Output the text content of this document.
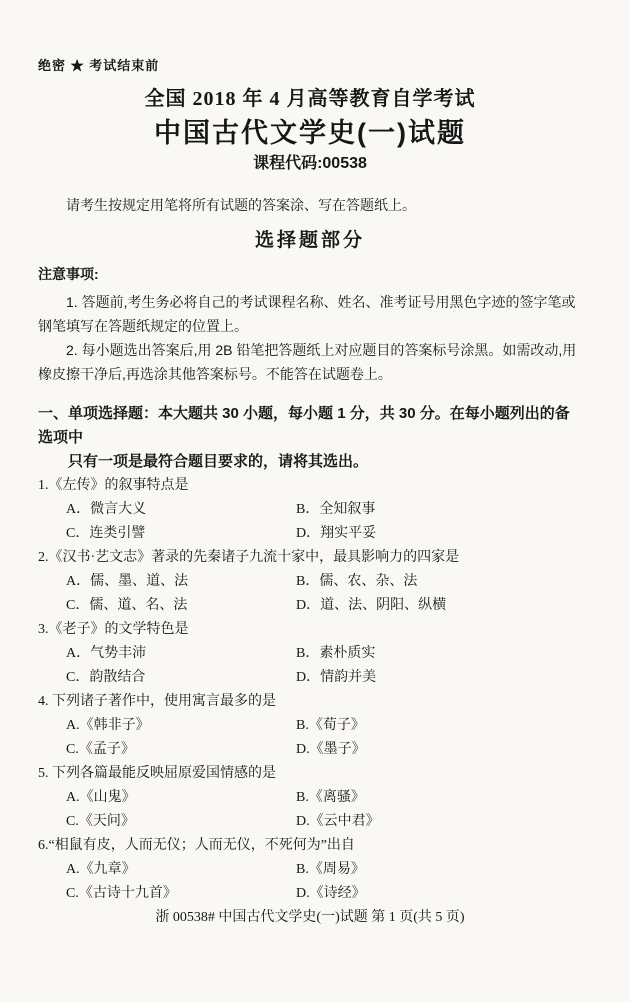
绝密 ★ 考试结束前
全国 2018 年 4 月高等教育自学考试
中国古代文学史(一)试题
课程代码:00538
请考生按规定用笔将所有试题的答案涂、写在答题纸上。
选择题部分
注意事项:
1. 答题前,考生务必将自己的考试课程名称、姓名、准考证号用黑色字迹的签字笔或钢笔填写在答题纸规定的位置上。
2. 每小题选出答案后,用 2B 铅笔把答题纸上对应题目的答案标号涂黑。如需改动,用橡皮擦干净后,再选涂其他答案标号。不能答在试题卷上。
一、单项选择题：本大题共 30 小题，每小题 1 分，共 30 分。在每小题列出的备选项中
只有一项是最符合题目要求的，请将其选出。
1.《左传》的叙事特点是
A．微言大义	B．全知叙事
C．连类引譬	D．翔实平妥
2.《汉书·艺文志》著录的先秦诸子九流十家中，最具影响力的四家是
A．儒、墨、道、法	B．儒、农、杂、法
C．儒、道、名、法	D．道、法、阴阳、纵横
3.《老子》的文学特色是
A．气势丰沛	B．素朴质实
C．韵散结合	D．情韵并美
4. 下列诸子著作中，使用寓言最多的是
A.《韩非子》	B.《荀子》
C.《孟子》	D.《墨子》
5. 下列各篇最能反映屈原爱国情感的是
A.《山鬼》	B.《离骚》
C.《天问》	D.《云中君》
6.“相鼠有皮，人而无仪；人而无仪，不死何为”出自
A.《九章》	B.《周易》
C.《古诗十九首》	D.《诗经》
浙 00538# 中国古代文学史(一)试题 第 1 页(共 5 页)
